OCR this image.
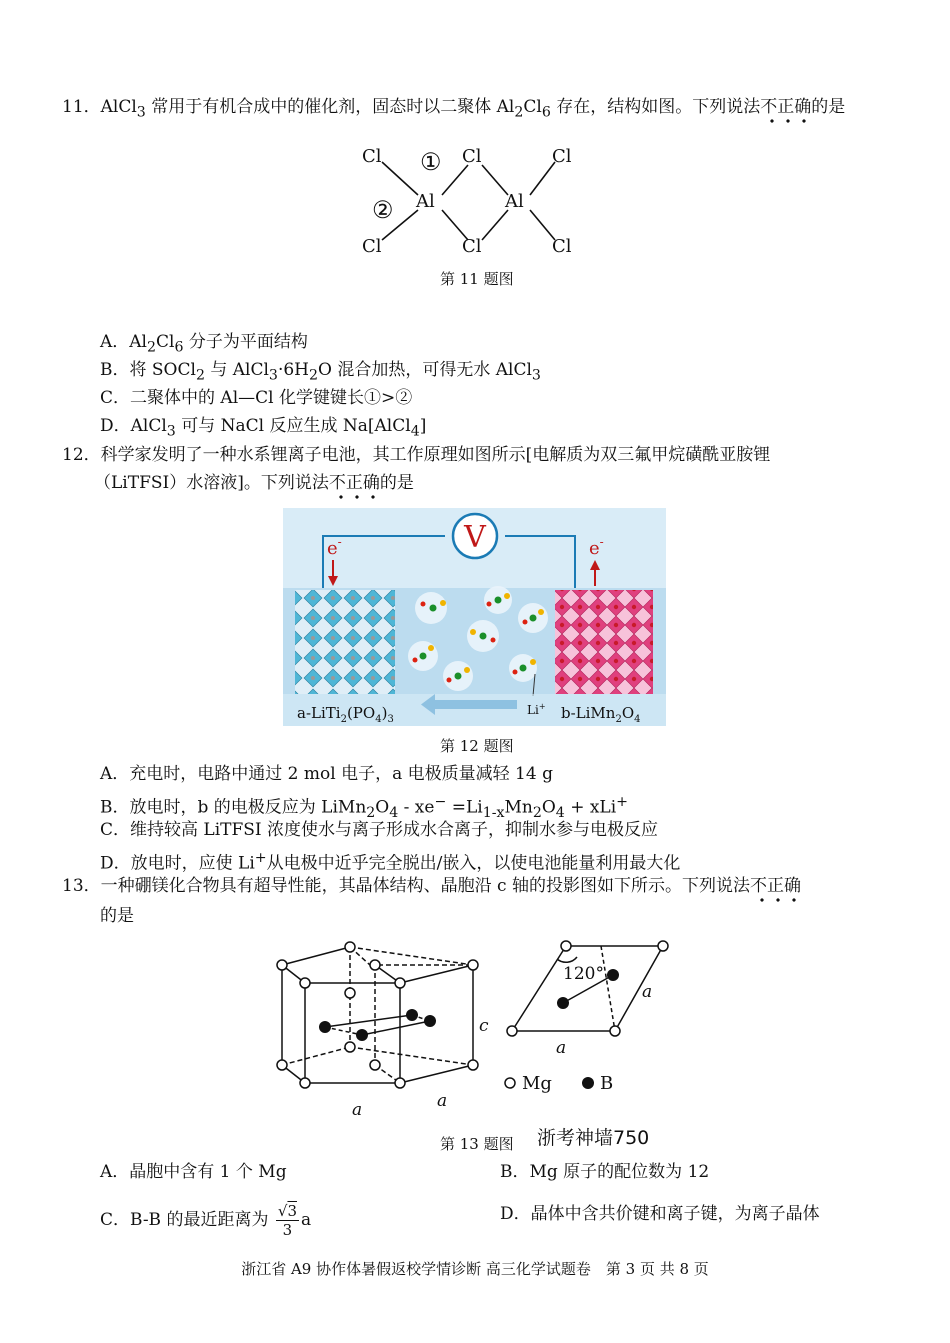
11．AlCl$_3$ 常用于有机合成中的催化剂，固态时以二聚体 $Al_2Cl_6$ 存在，结构如图。下列说法不正确的是
Cl	Cl	Cl
Al	Al
Cl	Cl	Cl
①
②
第 11 题图
A．$Al_2Cl_6$ 分子为平面结构
B．将 SOCl$_2$ 与 $AlCl_3\cdot 6H_2O$ 混合加热，可得无水 AlCl$_3$
C．二聚体中的 Al—Cl 化学键键长①>②
D．AlCl$_3$ 可与 NaCl 反应生成 Na[AlCl$_4$]
12．科学家发明了一种水系锂离子电池，其工作原理如图所示[电解质为双三氟甲烷磺酰亚胺锂
（LiTFSI）水溶液]。下列说法不正确的是
V
e-	e-
$a-LiTi_2(PO_4)_3$
Li+ $b-LiMn_2O_4$
第 12 题图
A．充电时，电路中通过 2 mol 电子，a 电极质量减轻 14 g
B．放电时，b 的电极反应为 $LiMn_2O_4 - xe^- =Li_{1-x}Mn_2O_4 + xLi^+$
C．维持较高 LiTFSI 浓度使水与离子形成水合离子，抑制水参与电极反应
D．放电时，应使 Li+从电极中近乎完全脱出/嵌入，以使电池能量利用最大化
13．一种硼镁化合物具有超导性能，其晶体结构、晶胞沿 c 轴的投影图如下所示。下列说法不正确
的是
a	a
c
a
a
120°
Mg	B
第 13 题图 浙考神墙750
A．晶胞中含有 1 个 Mg	B．Mg 原子的配位数为 12
C．B-B 的最近距离为 $\frac{√3}{3}$ a	D．晶体中含共价键和离子键，为离子晶体
浙江省 A9 协作体暑假返校学情诊断 高三化学试题卷　第 3 页 共 8 页
